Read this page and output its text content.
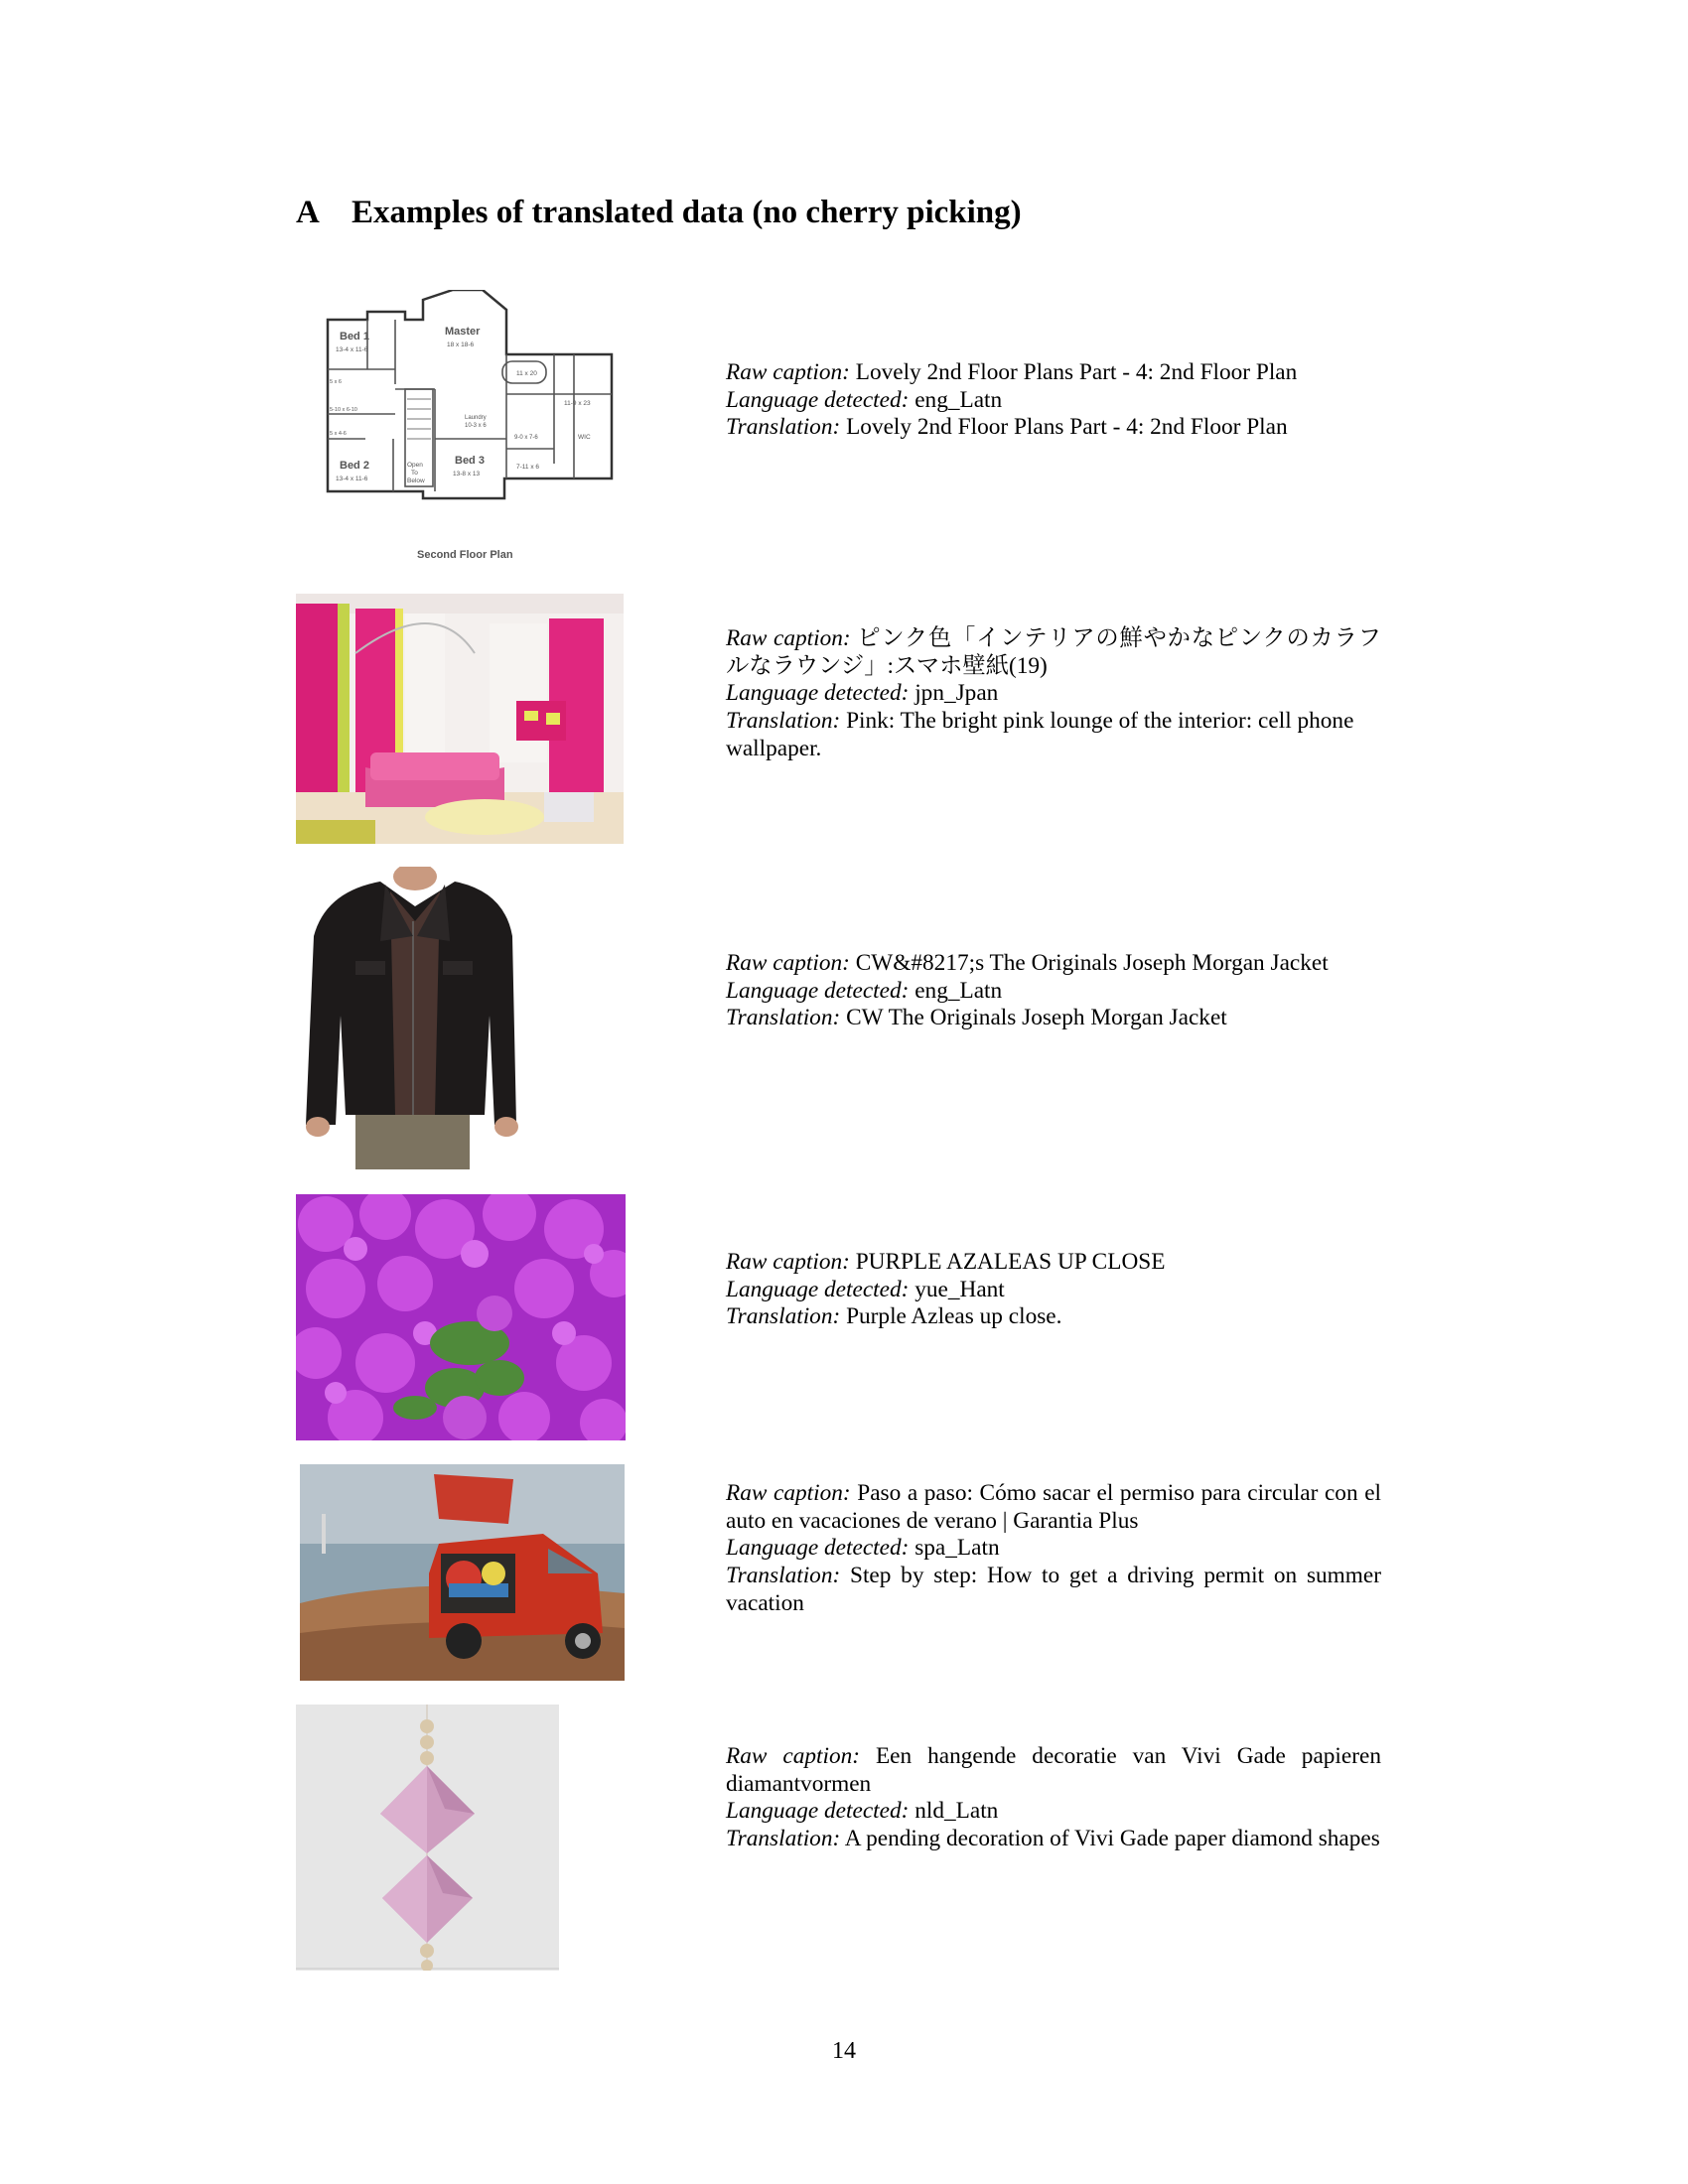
A Examples of translated data (no cherry picking)
Bed 1
13-4 x 11-6
Master
18 x 18-6
11 x 20
11-9 x 23
WIC
Laundry
10-3 x 6
9-0 x 7-6
7-11 x 6
5 x 6
5-10 x 6-10
5 x 4-6
Bed 2
13-4 x 11-6
Open
To
Below
Bed 3
13-8 x 13
Second Floor Plan
Raw caption: Lovely 2nd Floor Plans Part - 4: 2nd Floor Plan
Language detected: eng_Latn
Translation: Lovely 2nd Floor Plans Part - 4: 2nd Floor Plan
Raw caption: ピンク色「インテリアの鮮やかなピンクのカラフルなラウンジ」:スマホ壁紙(19)
Language detected: jpn_Jpan
Translation: Pink: The bright pink lounge of the interior: cell phone wallpaper.
Raw caption: CW&#8217;s The Originals Joseph Morgan Jacket
Language detected: eng_Latn
Translation: CW The Originals Joseph Morgan Jacket
Raw caption: PURPLE AZALEAS UP CLOSE
Language detected: yue_Hant
Translation: Purple Azleas up close.
Raw caption: Paso a paso: Cómo sacar el permiso para circular con el auto en vacaciones de verano | Garantia Plus
Language detected: spa_Latn
Translation: Step by step: How to get a driving permit on summer vacation
Raw caption: Een hangende decoratie van Vivi Gade papieren diamantvormen
Language detected: nld_Latn
Translation: A pending decoration of Vivi Gade paper diamond shapes
14
